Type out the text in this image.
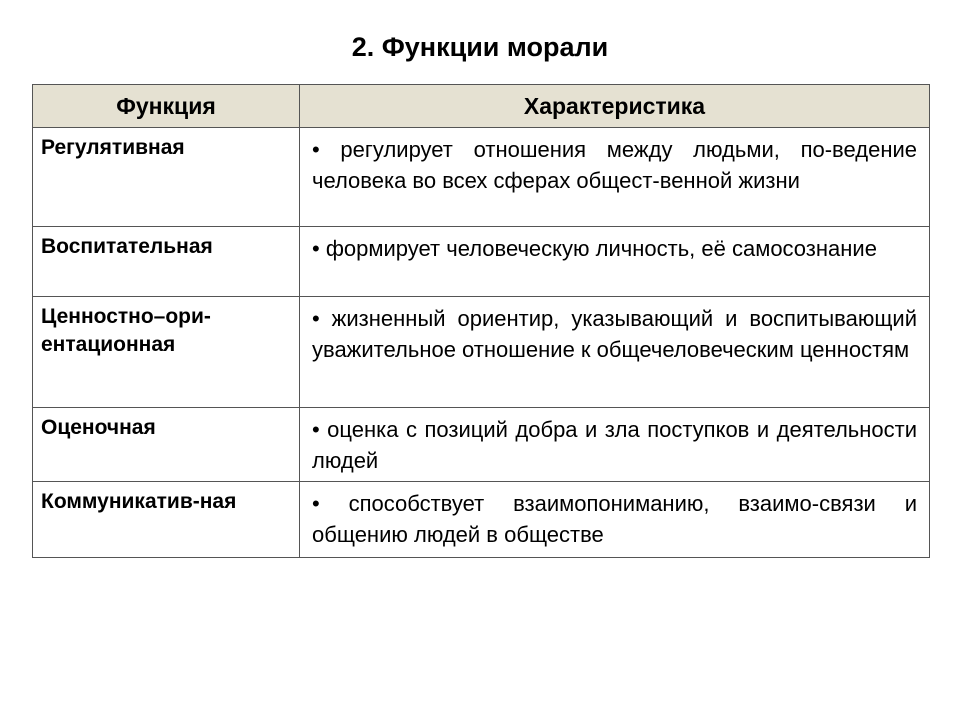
2. Функции морали
Функция	Характеристика
Регулятивная	• регулирует отношения между людьми, по-ведение человека во всех сферах общест-венной жизни
Воспитательная	• формирует человеческую личность, её самосознание
Ценностно–ори-ентационная	• жизненный ориентир, указывающий и воспитывающий уважительное отношение к общечеловеческим ценностям
Оценочная	• оценка с позиций добра и зла поступков и деятельности людей
Коммуникатив-ная	• способствует взаимопониманию, взаимо-связи и общению людей в обществе
